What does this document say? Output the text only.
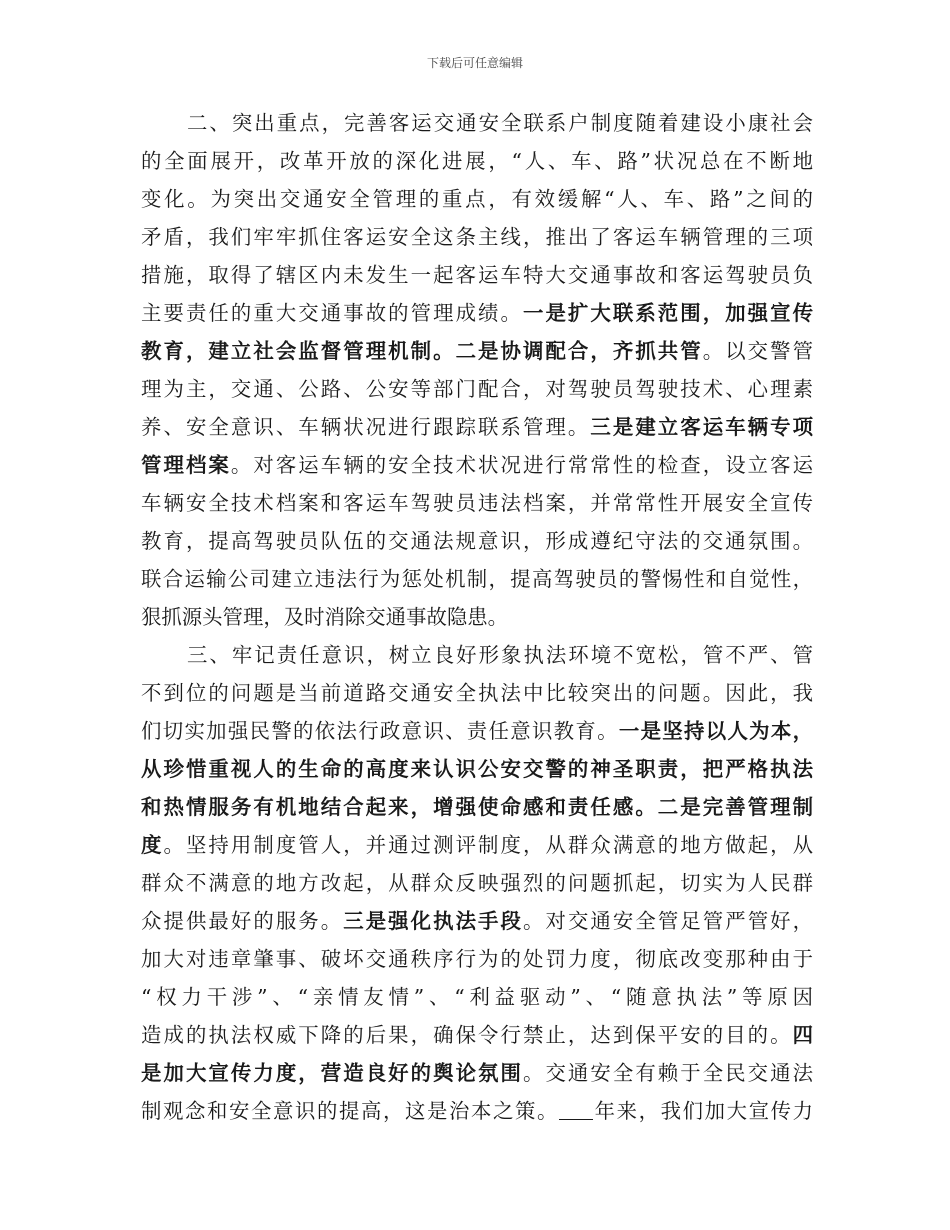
下载后可任意编辑
二、突出重点，完善客运交通安全联系户制度随着建设小康社会
的全面展开，改革开放的深化进展，“人、车、路”状况总在不断地
变化。为突出交通安全管理的重点，有效缓解“人、车、路”之间的
矛盾，我们牢牢抓住客运安全这条主线，推出了客运车辆管理的三项
措施，取得了辖区内未发生一起客运车特大交通事故和客运驾驶员负
主要责任的重大交通事故的管理成绩。一是扩大联系范围，加强宣传
教育，建立社会监督管理机制。二是协调配合，齐抓共管。以交警管
理为主，交通、公路、公安等部门配合，对驾驶员驾驶技术、心理素
养、安全意识、车辆状况进行跟踪联系管理。三是建立客运车辆专项
管理档案。对客运车辆的安全技术状况进行常常性的检查，设立客运
车辆安全技术档案和客运车驾驶员违法档案，并常常性开展安全宣传
教育，提高驾驶员队伍的交通法规意识，形成遵纪守法的交通氛围。
联合运输公司建立违法行为惩处机制，提高驾驶员的警惕性和自觉性，
狠抓源头管理，及时消除交通事故隐患。
三、牢记责任意识，树立良好形象执法环境不宽松，管不严、管
不到位的问题是当前道路交通安全执法中比较突出的问题。因此，我
们切实加强民警的依法行政意识、责任意识教育。一是坚持以人为本，
从珍惜重视人的生命的高度来认识公安交警的神圣职责，把严格执法
和热情服务有机地结合起来，增强使命感和责任感。二是完善管理制
度。坚持用制度管人，并通过测评制度，从群众满意的地方做起，从
群众不满意的地方改起，从群众反映强烈的问题抓起，切实为人民群
众提供最好的服务。三是强化执法手段。对交通安全管足管严管好，
加大对违章肇事、破坏交通秩序行为的处罚力度，彻底改变那种由于
“权力干涉”、“亲情友情”、“利益驱动”、“随意执法”等原因
造成的执法权威下降的后果，确保令行禁止，达到保平安的目的。四
是加大宣传力度，营造良好的舆论氛围。交通安全有赖于全民交通法
制观念和安全意识的提高，这是治本之策。 年来，我们加大宣传力
